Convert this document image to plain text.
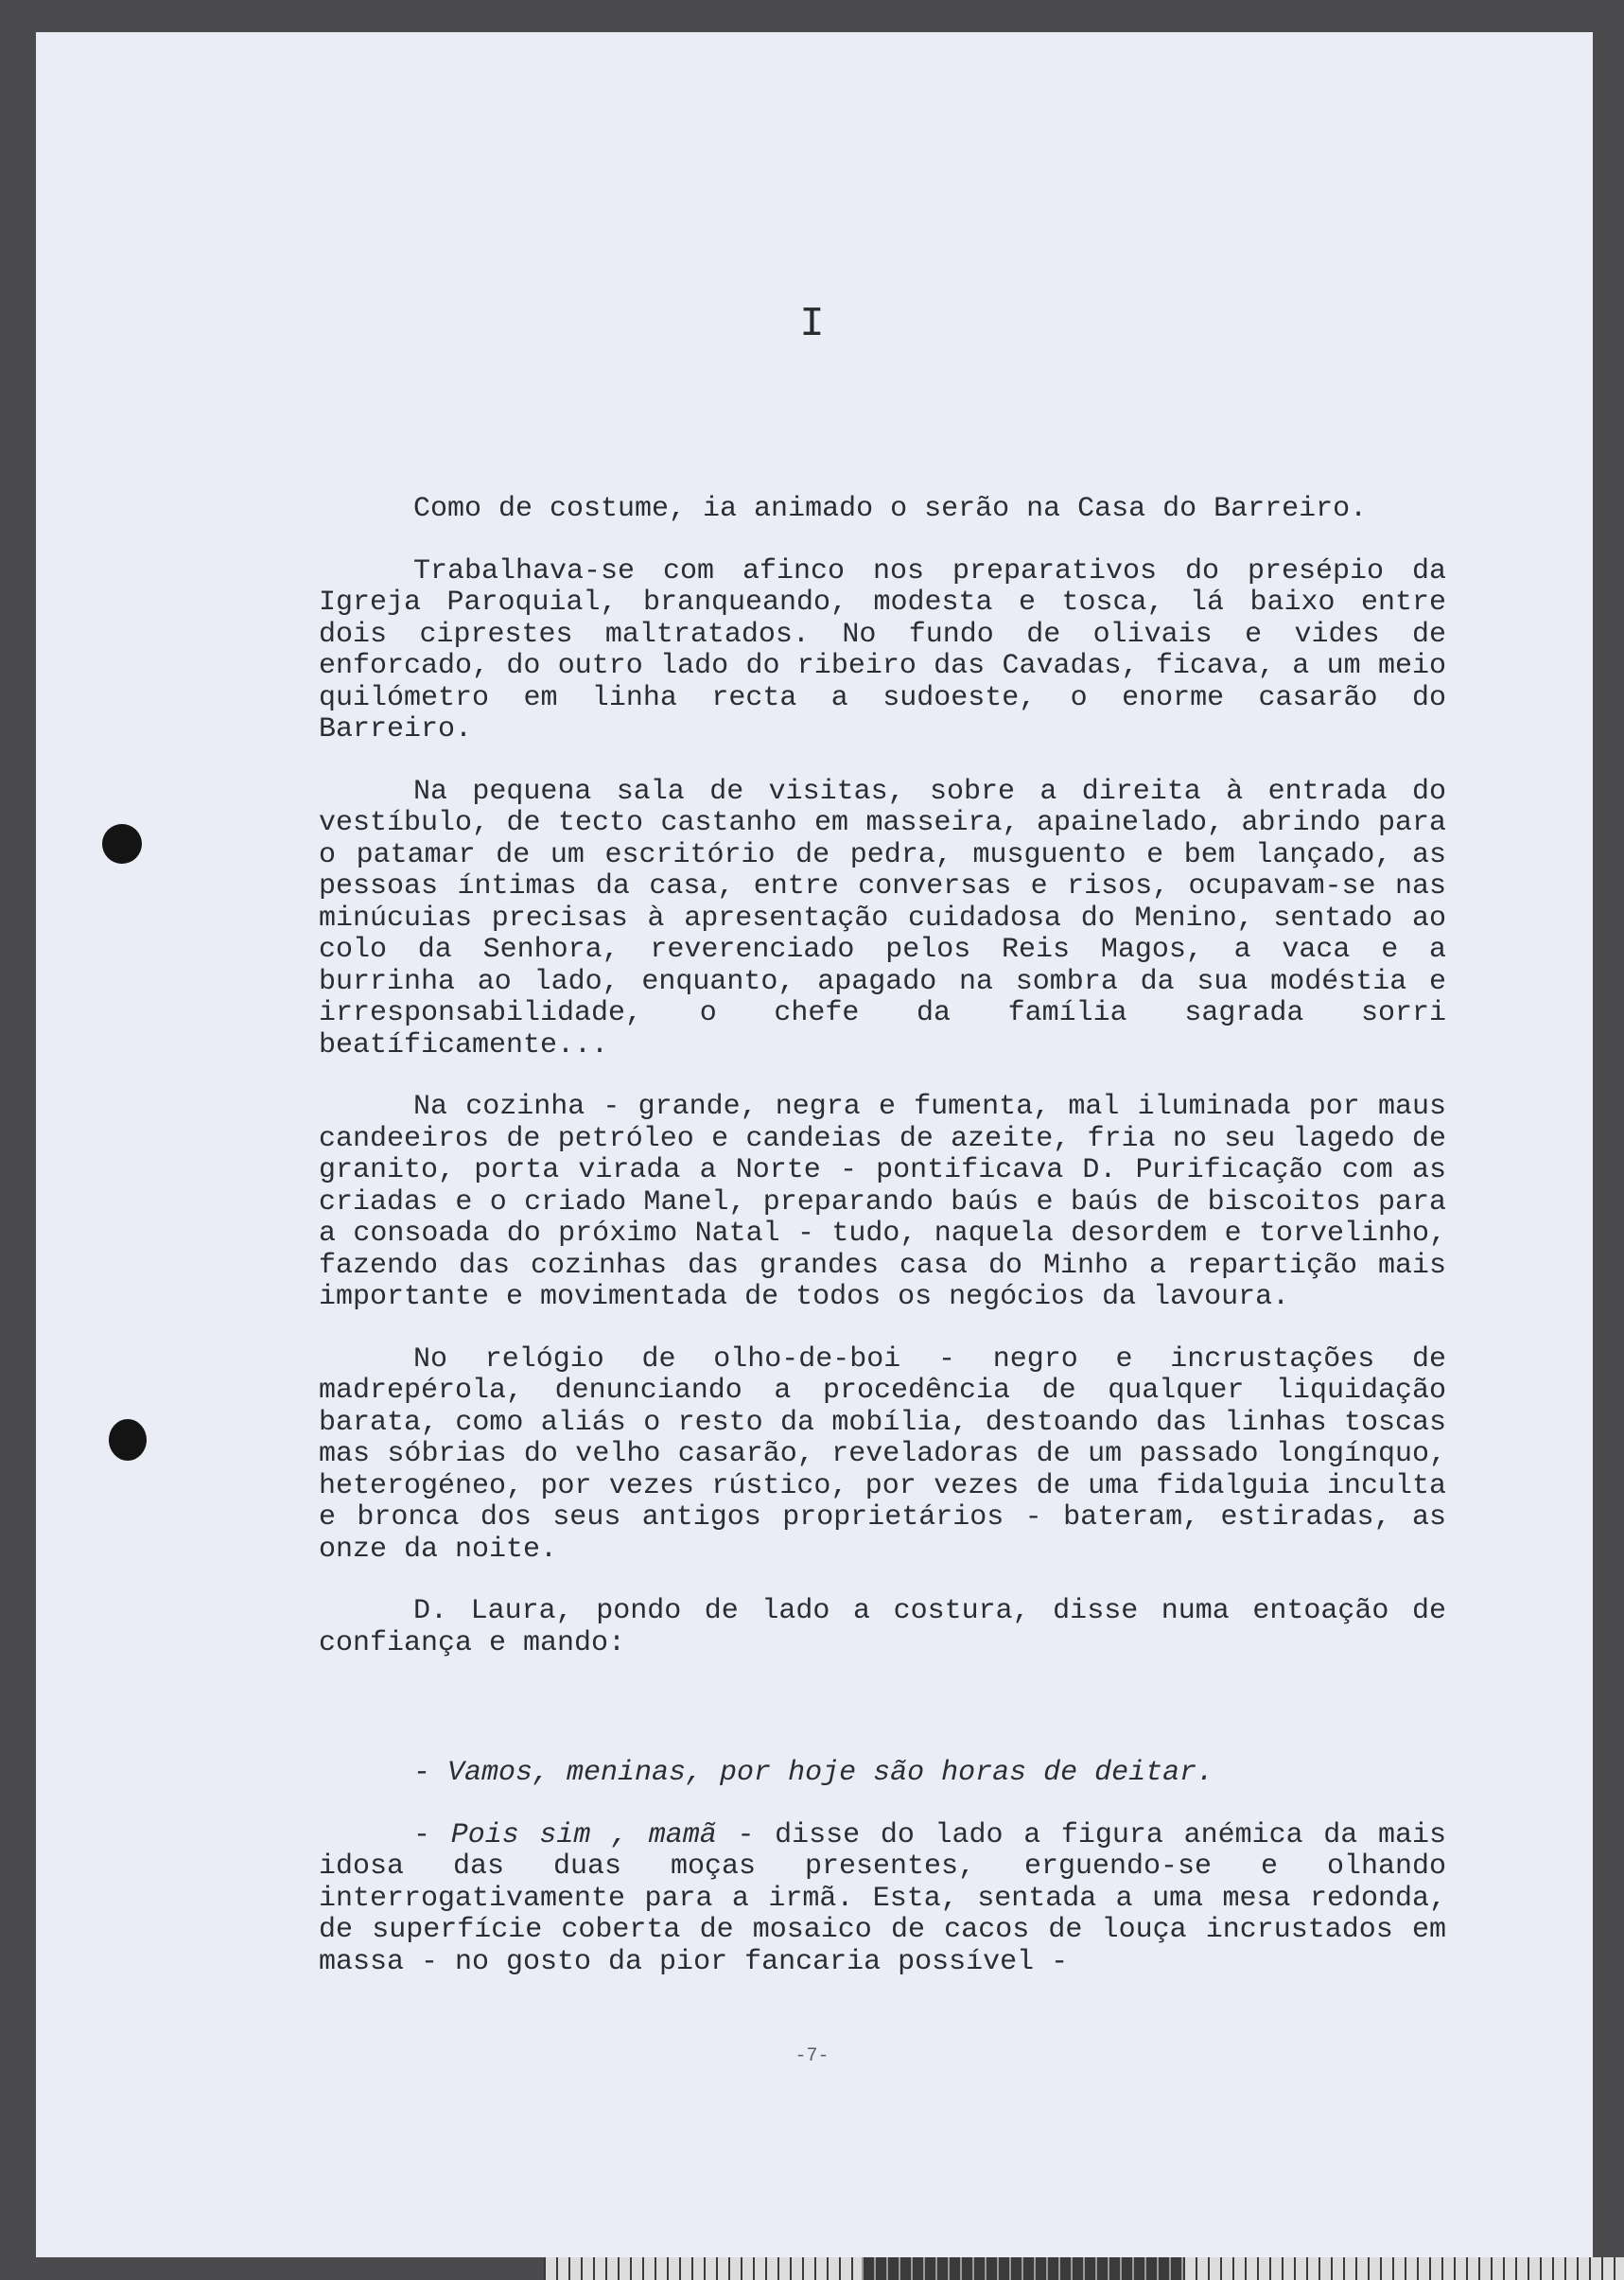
I

Como de costume, ia animado o serão na Casa do Barreiro.

Trabalhava-se com afinco nos preparativos do presépio da Igreja Paroquial, branqueando, modesta e tosca, lá baixo entre dois ciprestes maltratados. No fundo de olivais e vides de enforcado, do outro lado do ribeiro das Cavadas, ficava, a um meio quilómetro em linha recta a sudoeste, o enorme casarão do Barreiro.

Na pequena sala de visitas, sobre a direita à entrada do vestíbulo, de tecto castanho em masseira, apainelado, abrindo para o patamar de um escritório de pedra, musguento e bem lançado, as pessoas íntimas da casa, entre conversas e risos, ocupavam-se nas minúcuias precisas à apresentação cuidadosa do Menino, sentado ao colo da Senhora, reverenciado pelos Reis Magos, a vaca e a burrinha ao lado, enquanto, apagado na sombra da sua modéstia e irresponsabilidade, o chefe da família sagrada sorri beatíficamente...

Na cozinha - grande, negra e fumenta, mal iluminada por maus candeeiros de petróleo e candeias de azeite, fria no seu lagedo de granito, porta virada a Norte - pontificava D. Purificação com as criadas e o criado Manel, preparando baús e baús de biscoitos para a consoada do próximo Natal - tudo, naquela desordem e torvelinho, fazendo das cozinhas das grandes casa do Minho a repartição mais importante e movimentada de todos os negócios da lavoura.

No relógio de olho-de-boi - negro e incrustações de madrepérola, denunciando a procedência de qualquer liquidação barata, como aliás o resto da mobília, destoando das linhas toscas mas sóbrias do velho casarão, reveladoras de um passado longínquo, heterogéneo, por vezes rústico, por vezes de uma fidalguia inculta e bronca dos seus antigos proprietários - bateram, estiradas, as onze da noite.

D. Laura, pondo de lado a costura, disse numa entoação de confiança e mando:

- Vamos, meninas, por hoje são horas de deitar.

- Pois sim , mamã - disse do lado a figura anémica da mais idosa das duas moças presentes, erguendo-se e olhando interrogativamente para a irmã. Esta, sentada a uma mesa redonda, de superfície coberta de mosaico de cacos de louça incrustados em massa - no gosto da pior fancaria possível -

-7-
